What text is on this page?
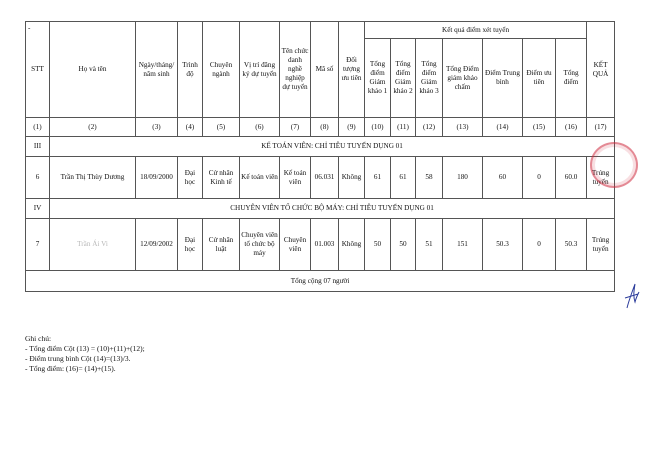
-
STT	Họ và tên	Ngày/tháng/ năm sinh	Trình độ	Chuyên ngành	Vị trí đăng ký dự tuyển	Tên chức danh nghề nghiệp dự tuyển	Mã số	Đối tượng ưu tiên	Kết quả điểm xét tuyển							KẾT QUẢ
									Tổng điểm Giám khảo 1	Tổng điểm Giám khảo 2	Tổng điểm Giám khảo 3	Tổng Điểm giám khảo chấm	Điểm Trung bình	Điểm ưu tiên	Tổng điểm	
(1)	(2)	(3)	(4)	(5)	(6)	(7)	(8)	(9)	(10)	(11)	(12)	(13)	(14)	(15)	(16)	(17)
III	KẾ TOÁN VIÊN: CHỈ TIÊU TUYỂN DỤNG 01															
6	Trần Thị Thùy Dương	18/09/2000	Đại học	Cử nhân Kinh tế	Kế toán viên	Kế toán viên	06.031	Không	61	61	58	180	60	0	60.0	Trúng tuyển
IV	CHUYÊN VIÊN TỔ CHỨC BỘ MÁY: CHỈ TIÊU TUYỂN DỤNG 01															
7	Trần Ái Vi	12/09/2002	Đại học	Cử nhân luật	Chuyên viên tổ chức bộ máy	Chuyên viên	01.003	Không	50	50	51	151	50.3	0	50.3	Trúng tuyển
Tổng cộng 07 người																
Ghi chú:
- Tổng điểm Cột (13) = (10)+(11)+(12);
- Điểm trung bình Cột (14)=(13)/3.
- Tổng điểm: (16)= (14)+(15).
